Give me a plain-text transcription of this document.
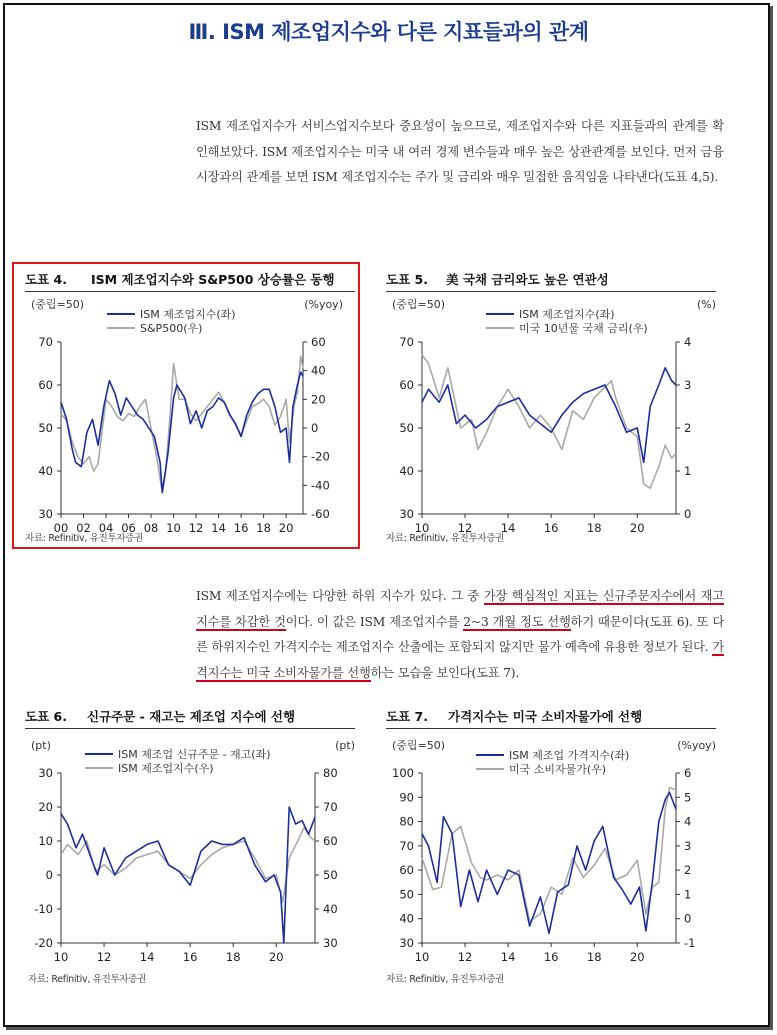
Ⅲ. ISM 제조업지수와 다른 지표들과의 관계
ISM 제조업지수가 서비스업지수보다 중요성이 높으므로, 제조업지수와 다른 지표들과의 관계를 확인해보았다. ISM 제조업지수는 미국 내 여러 경제 변수들과 매우 높은 상관관계를 보인다. 먼저 금융시장과의 관계를 보면 ISM 제조업지수는 주가 및 금리와 매우 밀접한 움직임을 나타낸다(도표 4,5).
도표 4. ISM 제조업지수와 S&P500 상승률은 동행
(중립=50)	(%yoy)
70
60
50
40
30
60
40
20
0
-20
-40
-60
00 02 04 06 08 10 12 14 16 18 20
ISM 제조업지수(좌)
S&P500(우)
자료: Refinitiv, 유진투자증권
도표 5. 美 국채 금리와도 높은 연관성
(중립=50)	(%)
70
60
50
40
30
4
3
2
1
0
10 12 14 16 18 20
ISM 제조업지수(좌)
미국 10년물 국채 금리(우)
자료: Refinitiv, 유진투자증권
ISM 제조업지수에는 다양한 하위 지수가 있다. 그 중 가장 핵심적인 지표는 신규주문지수에서 재고지수를 차감한 것이다. 이 값은 ISM 제조업지수를 2~3 개월 정도 선행하기 때문이다(도표 6). 또 다른 하위지수인 가격지수는 제조업지수 산출에는 포함되지 않지만 물가 예측에 유용한 정보가 된다. 가격지수는 미국 소비자물가를 선행하는 모습을 보인다(도표 7).
도표 6. 신규주문 - 재고는 제조업 지수에 선행
(pt)	(pt)
30
20
10
0
-10
-20
80
70
60
50
40
30
10 12 14 16 18 20
ISM 제조업 신규주문 - 재고(좌)
ISM 제조업지수(우)
자료: Refinitiv, 유진투자증권
도표 7. 가격지수는 미국 소비자물가에 선행
(중립=50)	(%yoy)
100
90
80
70
60
50
40
30
6
5
4
3
2
1
0
-1
10 12 14 16 18 20
ISM 제조업 가격지수(좌)
미국 소비자물가(우)
자료: Refinitiv, 유진투자증권
